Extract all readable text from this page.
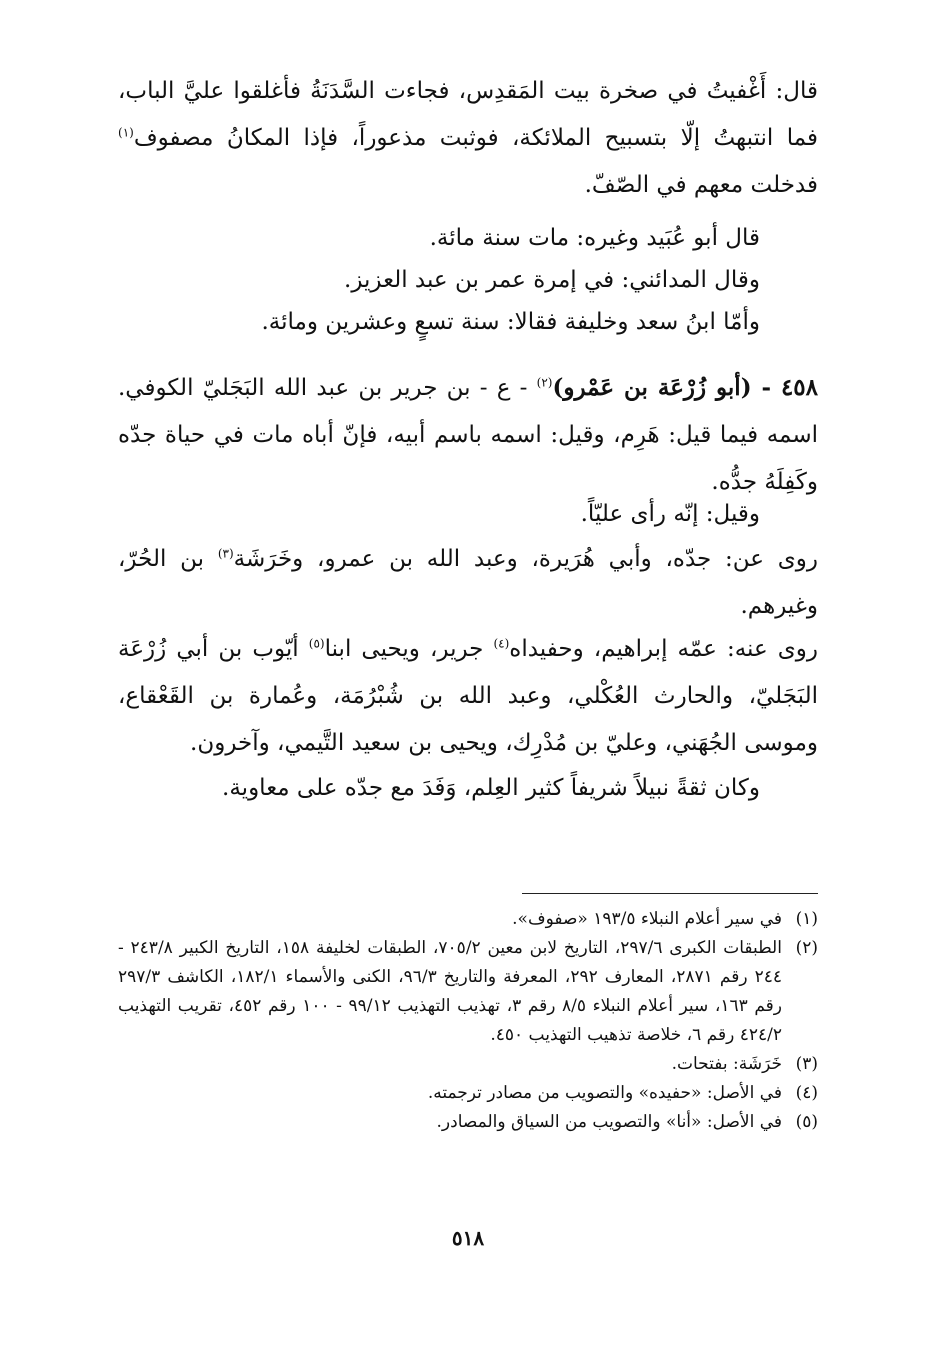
قال: أَغْفيتُ في صخرة بيت المَقدِس، فجاءت السَّدَنَةُ فأغلقوا عليَّ الباب، فما انتبهتُ إلّا بتسبيح الملائكة، فوثبت مذعوراً، فإذا المكانُ مصفوف$^{(١)}$ فدخلت معهم في الصّفّ.

قال أبو عُبَيد وغيره: مات سنة مائة.

وقال المدائني: في إمرة عمر بن عبد العزيز.

وأمّا ابنُ سعد وخليفة فقالا: سنة تسعٍ وعشرين ومائة.

٤٥٨ - (أبو زُرْعَة بن عَمْرو)$^{(٢)}$ - ع - بن جرير بن عبد الله البَجَليّ الكوفي. اسمه فيما قيل: هَرِم، وقيل: اسمه باسم أبيه، فإنّ أباه مات في حياة جدّه وكَفِلَهُ جدُّه.

وقيل: إنّه رأى عليّاً.

روى عن: جدّه، وأبي هُرَيرة، وعبد الله بن عمرو، وخَرَشَة$^{(٣)}$ بن الحُرّ، وغيرهم.

روى عنه: عمّه إبراهيم، وحفيداه$^{(٤)}$ جرير، ويحيى ابنا$^{(٥)}$ أيّوب بن أبي زُرْعَة البَجَليّ، والحارث العُكْلي، وعبد الله بن شُبْرُمَة، وعُمارة بن القَعْقاع، وموسى الجُهَني، وعليّ بن مُدْرِك، ويحيى بن سعيد التَّيمي، وآخرون.

وكان ثقةً نبيلاً شريفاً كثير العِلم، وَفَدَ مع جدّه على معاوية.

(١)
في سير أعلام النبلاء ١٩٣/٥ «صفوف».
(٢)
الطبقات الكبرى ٢٩٧/٦، التاريخ لابن معين ٧٠٥/٢، الطبقات لخليفة ١٥٨، التاريخ الكبير ٢٤٣/٨ - ٢٤٤ رقم ٢٨٧١، المعارف ٢٩٢، المعرفة والتاريخ ٩٦/٣، الكنى والأسماء ١٨٢/١، الكاشف ٢٩٧/٣ رقم ١٦٣، سير أعلام النبلاء ٨/٥ رقم ٣، تهذيب التهذيب ٩٩/١٢ - ١٠٠ رقم ٤٥٢، تقريب التهذيب ٤٢٤/٢ رقم ٦، خلاصة تذهيب التهذيب ٤٥٠.
(٣)
خَرَشَة: بفتحات.
(٤)
في الأصل: «حفيده» والتصويب من مصادر ترجمته.
(٥)
في الأصل: «أنا» والتصويب من السياق والمصادر.
٥١٨
